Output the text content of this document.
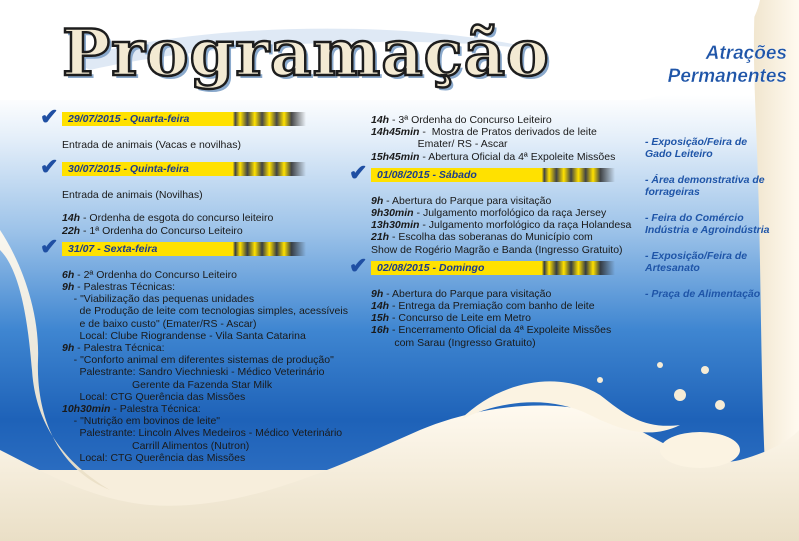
Programação	Atrações
Permanentes
- Exposição/Feira de
Gado Leiteiro
- Área demonstrativa de
forrageiras
- Feira do Comércio
Indústria e Agroindústria
- Exposição/Feira de
Artesanato
- Praça de Alimentação
✔ 29/07/2015 - Quarta-feira
Entrada de animais (Vacas e novilhas)
✔ 30/07/2015 - Quinta-feira
Entrada de animais (Novilhas)
14h - Ordenha de esgota do concurso leiteiro
22h - 1ª Ordenha do Concurso Leiteiro
✔ 31/07 - Sexta-feira
6h - 2ª Ordenha do Concurso Leiteiro
9h - Palestras Técnicas:
- "Viabilização das pequenas unidades
de Produção de leite com tecnologias simples, acessíveis
e de baixo custo" (Emater/RS - Ascar)
Local: Clube Riograndense - Vila Santa Catarina
9h - Palestra Técnica:
- "Conforto animal em diferentes sistemas de produção"
Palestrante: Sandro Viechnieski - Médico Veterinário
Gerente da Fazenda Star Milk
Local: CTG Querência das Missões
10h30min - Palestra Técnica:
- "Nutrição em bovinos de leite"
Palestrante: Lincoln Alves Medeiros - Médico Veterinário
Carrill Alimentos (Nutron)
Local: CTG Querência das Missões
14h - 3ª Ordenha do Concurso Leiteiro
14h45min -  Mostra de Pratos derivados de leite
Emater/ RS - Ascar
15h45min - Abertura Oficial da 4ª Expoleite Missões
✔ 01/08/2015 - Sábado
9h - Abertura do Parque para visitação
9h30min - Julgamento morfológico da raça Jersey
13h30min - Julgamento morfológico da raça Holandesa
21h - Escolha das soberanas do Município com
Show de Rogério Magrão e Banda (Ingresso Gratuito)
✔ 02/08/2015 - Domingo
9h - Abertura do Parque para visitação
14h - Entrega da Premiação com banho de leite
15h - Concurso de Leite em Metro
16h - Encerramento Oficial da 4ª Expoleite Missões
com Sarau (Ingresso Gratuito)
